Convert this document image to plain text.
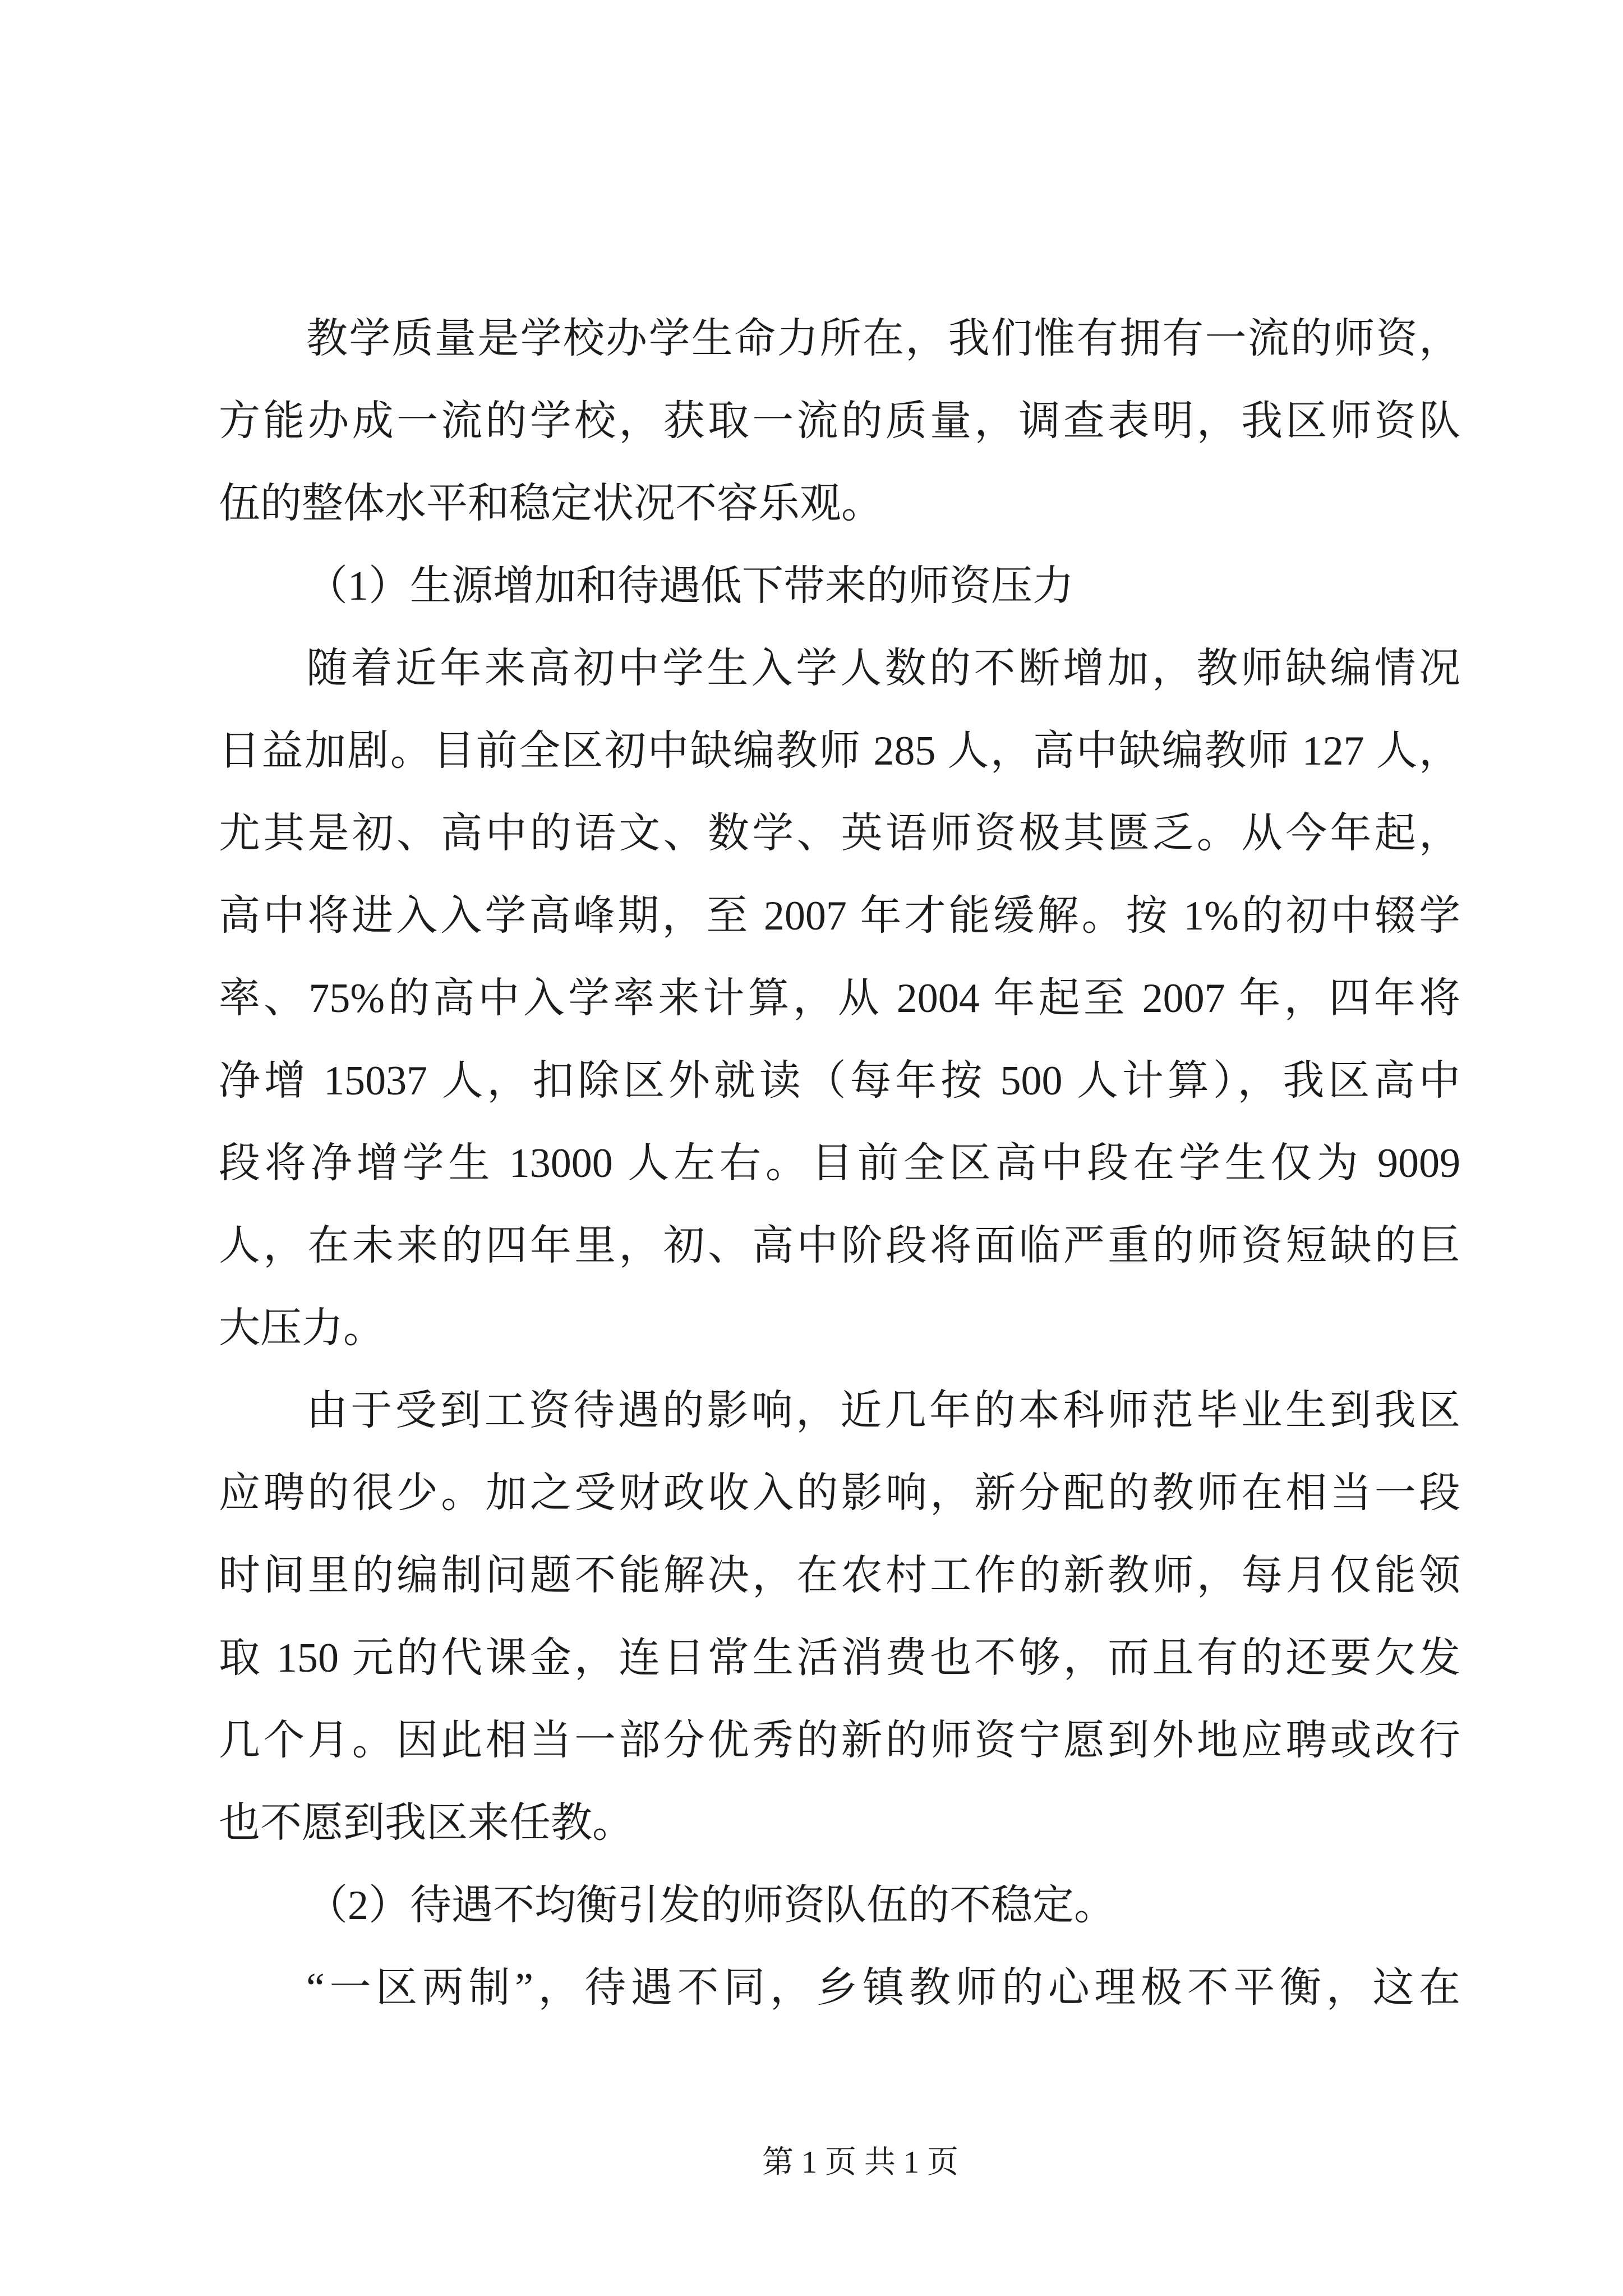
教学质量是学校办学生命力所在，我们惟有拥有一流的师资，
方能办成一流的学校，获取一流的质量，调查表明，我区师资队
伍的整体水平和稳定状况不容乐观。
（1）生源增加和待遇低下带来的师资压力
随着近年来高初中学生入学人数的不断增加，教师缺编情况
日益加剧。目前全区初中缺编教师 285 人，高中缺编教师 127 人，
尤其是初、高中的语文、数学、英语师资极其匮乏。从今年起，
高中将进入入学高峰期，至 2007 年才能缓解。按 1%的初中辍学
率、75%的高中入学率来计算，从 2004 年起至 2007 年，四年将
净增 15037 人，扣除区外就读（每年按 500 人计算），我区高中
段将净增学生 13000 人左右。目前全区高中段在学生仅为 9009
人，在未来的四年里，初、高中阶段将面临严重的师资短缺的巨
大压力。
由于受到工资待遇的影响，近几年的本科师范毕业生到我区
应聘的很少。加之受财政收入的影响，新分配的教师在相当一段
时间里的编制问题不能解决，在农村工作的新教师，每月仅能领
取 150 元的代课金，连日常生活消费也不够，而且有的还要欠发
几个月。因此相当一部分优秀的新的师资宁愿到外地应聘或改行
也不愿到我区来任教。
（2）待遇不均衡引发的师资队伍的不稳定。
“一区两制”，待遇不同，乡镇教师的心理极不平衡，这在
第 1 页 共 1 页
